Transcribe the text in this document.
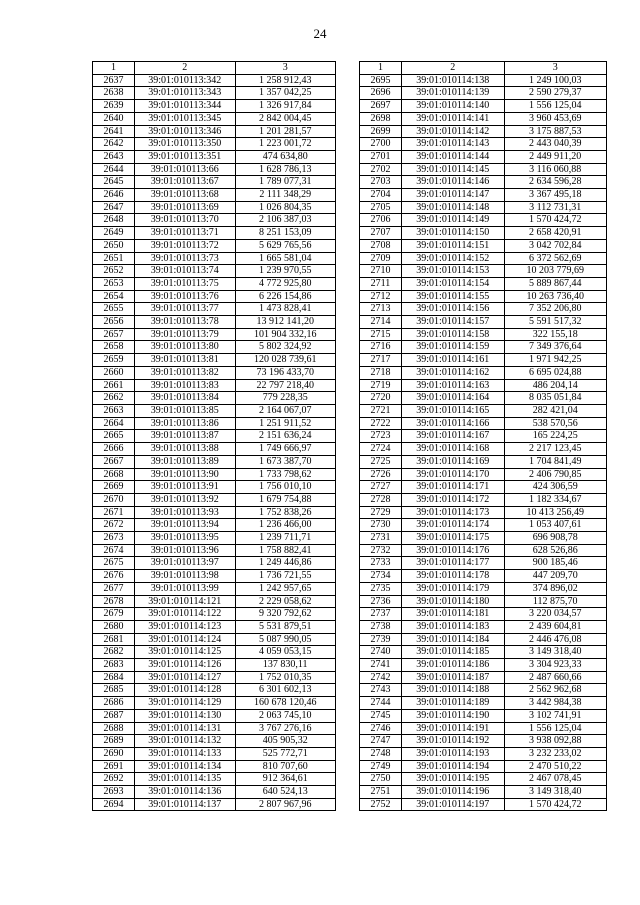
24
1	2	3
2637	39:01:010113:342	1 258 912,43
2638	39:01:010113:343	1 357 042,25
2639	39:01:010113:344	1 326 917,84
2640	39:01:010113:345	2 842 004,45
2641	39:01:010113:346	1 201 281,57
2642	39:01:010113:350	1 223 001,72
2643	39:01:010113:351	474 634,80
2644	39:01:010113:66	1 628 786,13
2645	39:01:010113:67	1 789 077,31
2646	39:01:010113:68	2 111 348,29
2647	39:01:010113:69	1 026 804,35
2648	39:01:010113:70	2 106 387,03
2649	39:01:010113:71	8 251 153,09
2650	39:01:010113:72	5 629 765,56
2651	39:01:010113:73	1 665 581,04
2652	39:01:010113:74	1 239 970,55
2653	39:01:010113:75	4 772 925,80
2654	39:01:010113:76	6 226 154,86
2655	39:01:010113:77	1 473 828,41
2656	39:01:010113:78	13 912 141,20
2657	39:01:010113:79	101 904 332,16
2658	39:01:010113:80	5 802 324,92
2659	39:01:010113:81	120 028 739,61
2660	39:01:010113:82	73 196 433,70
2661	39:01:010113:83	22 797 218,40
2662	39:01:010113:84	779 228,35
2663	39:01:010113:85	2 164 067,07
2664	39:01:010113:86	1 251 911,52
2665	39:01:010113:87	2 151 636,24
2666	39:01:010113:88	1 749 666,97
2667	39:01:010113:89	1 673 387,70
2668	39:01:010113:90	1 733 798,62
2669	39:01:010113:91	1 756 010,10
2670	39:01:010113:92	1 679 754,88
2671	39:01:010113:93	1 752 838,26
2672	39:01:010113:94	1 236 466,00
2673	39:01:010113:95	1 239 711,71
2674	39:01:010113:96	1 758 882,41
2675	39:01:010113:97	1 249 446,86
2676	39:01:010113:98	1 736 721,55
2677	39:01:010113:99	1 242 957,65
2678	39:01:010114:121	2 229 058,62
2679	39:01:010114:122	9 320 792,62
2680	39:01:010114:123	5 531 879,51
2681	39:01:010114:124	5 087 990,05
2682	39:01:010114:125	4 059 053,15
2683	39:01:010114:126	137 830,11
2684	39:01:010114:127	1 752 010,35
2685	39:01:010114:128	6 301 602,13
2686	39:01:010114:129	160 678 120,46
2687	39:01:010114:130	2 063 745,10
2688	39:01:010114:131	3 767 276,16
2689	39:01:010114:132	405 905,32
2690	39:01:010114:133	525 772,71
2691	39:01:010114:134	810 707,60
2692	39:01:010114:135	912 364,61
2693	39:01:010114:136	640 524,13
2694	39:01:010114:137	2 807 967,96
1	2	3
2695	39:01:010114:138	1 249 100,03
2696	39:01:010114:139	2 590 279,37
2697	39:01:010114:140	1 556 125,04
2698	39:01:010114:141	3 960 453,69
2699	39:01:010114:142	3 175 887,53
2700	39:01:010114:143	2 443 040,39
2701	39:01:010114:144	2 449 911,20
2702	39:01:010114:145	3 116 060,88
2703	39:01:010114:146	2 634 596,28
2704	39:01:010114:147	3 367 495,18
2705	39:01:010114:148	3 112 731,31
2706	39:01:010114:149	1 570 424,72
2707	39:01:010114:150	2 658 420,91
2708	39:01:010114:151	3 042 702,84
2709	39:01:010114:152	6 372 562,69
2710	39:01:010114:153	10 203 779,69
2711	39:01:010114:154	5 889 867,44
2712	39:01:010114:155	10 263 736,40
2713	39:01:010114:156	7 352 206,80
2714	39:01:010114:157	5 591 517,32
2715	39:01:010114:158	322 155,18
2716	39:01:010114:159	7 349 376,64
2717	39:01:010114:161	1 971 942,25
2718	39:01:010114:162	6 695 024,88
2719	39:01:010114:163	486 204,14
2720	39:01:010114:164	8 035 051,84
2721	39:01:010114:165	282 421,04
2722	39:01:010114:166	538 570,56
2723	39:01:010114:167	165 224,25
2724	39:01:010114:168	2 217 123,45
2725	39:01:010114:169	1 704 841,49
2726	39:01:010114:170	2 406 790,85
2727	39:01:010114:171	424 306,59
2728	39:01:010114:172	1 182 334,67
2729	39:01:010114:173	10 413 256,49
2730	39:01:010114:174	1 053 407,61
2731	39:01:010114:175	696 908,78
2732	39:01:010114:176	628 526,86
2733	39:01:010114:177	900 185,46
2734	39:01:010114:178	447 209,70
2735	39:01:010114:179	374 896,02
2736	39:01:010114:180	112 875,70
2737	39:01:010114:181	3 220 034,57
2738	39:01:010114:183	2 439 604,81
2739	39:01:010114:184	2 446 476,08
2740	39:01:010114:185	3 149 318,40
2741	39:01:010114:186	3 304 923,33
2742	39:01:010114:187	2 487 660,66
2743	39:01:010114:188	2 562 962,68
2744	39:01:010114:189	3 442 984,38
2745	39:01:010114:190	3 102 741,91
2746	39:01:010114:191	1 556 125,04
2747	39:01:010114:192	3 938 092,88
2748	39:01:010114:193	3 232 233,02
2749	39:01:010114:194	2 470 510,22
2750	39:01:010114:195	2 467 078,45
2751	39:01:010114:196	3 149 318,40
2752	39:01:010114:197	1 570 424,72
